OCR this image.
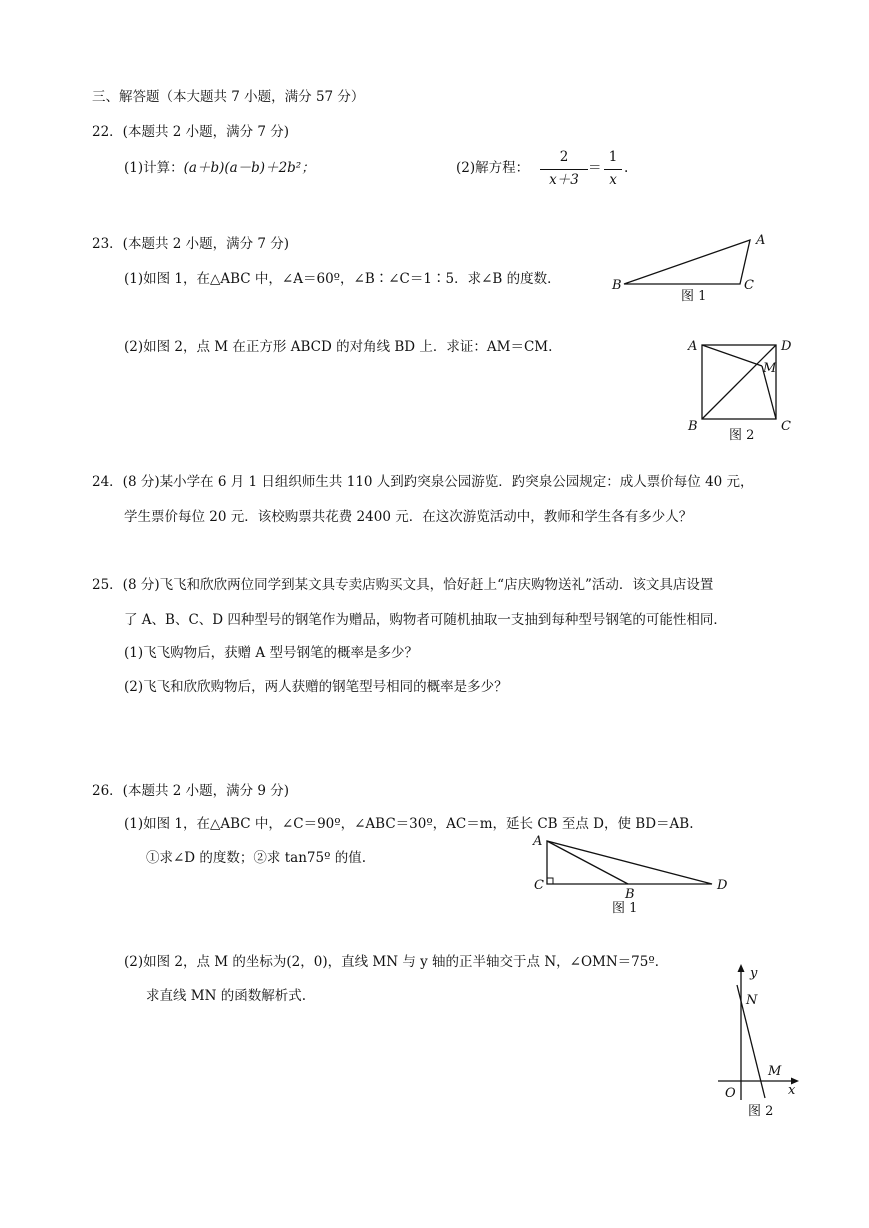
三、解答题（本大题共 7 小题，满分 57 分）
22．(本题共 2 小题，满分 7 分)
(1)计算：(a＋b)(a－b)＋2b²；	(2)解方程：
2
x＋3
＝
1
x
.
23．(本题共 2 小题，满分 7 分)
(1)如图 1，在△ABC 中，∠A＝60º，∠B∶∠C＝1∶5．求∠B 的度数．
(2)如图 2，点 M 在正方形 ABCD 的对角线 BD 上．求证：AM＝CM.
A
B	C
图 1
A	D
M
B	C
图 2
24．(8 分)某小学在 6 月 1 日组织师生共 110 人到趵突泉公园游览．趵突泉公园规定：成人票价每位 40 元，
学生票价每位 20 元．该校购票共花费 2400 元．在这次游览活动中，教师和学生各有多少人？
25．(8 分)飞飞和欣欣两位同学到某文具专卖店购买文具，恰好赶上“店庆购物送礼”活动．该文具店设置
了 A、B、C、D 四种型号的钢笔作为赠品，购物者可随机抽取一支抽到每种型号钢笔的可能性相同．
(1)飞飞购物后，获赠 A 型号钢笔的概率是多少？
(2)飞飞和欣欣购物后，两人获赠的钢笔型号相同的概率是多少？
26．(本题共 2 小题，满分 9 分)
(1)如图 1，在△ABC 中，∠C＝90º，∠ABC＝30º，AC＝m，延长 CB 至点 D，使 BD＝AB.
①求∠D 的度数；②求 tan75º 的值.
A
C
B
D
图 1
(2)如图 2，点 M 的坐标为(2，0)，直线 MN 与 y 轴的正半轴交于点 N，∠OMN＝75º．
求直线 MN 的函数解析式.
y
N
M
x
O
图 2
